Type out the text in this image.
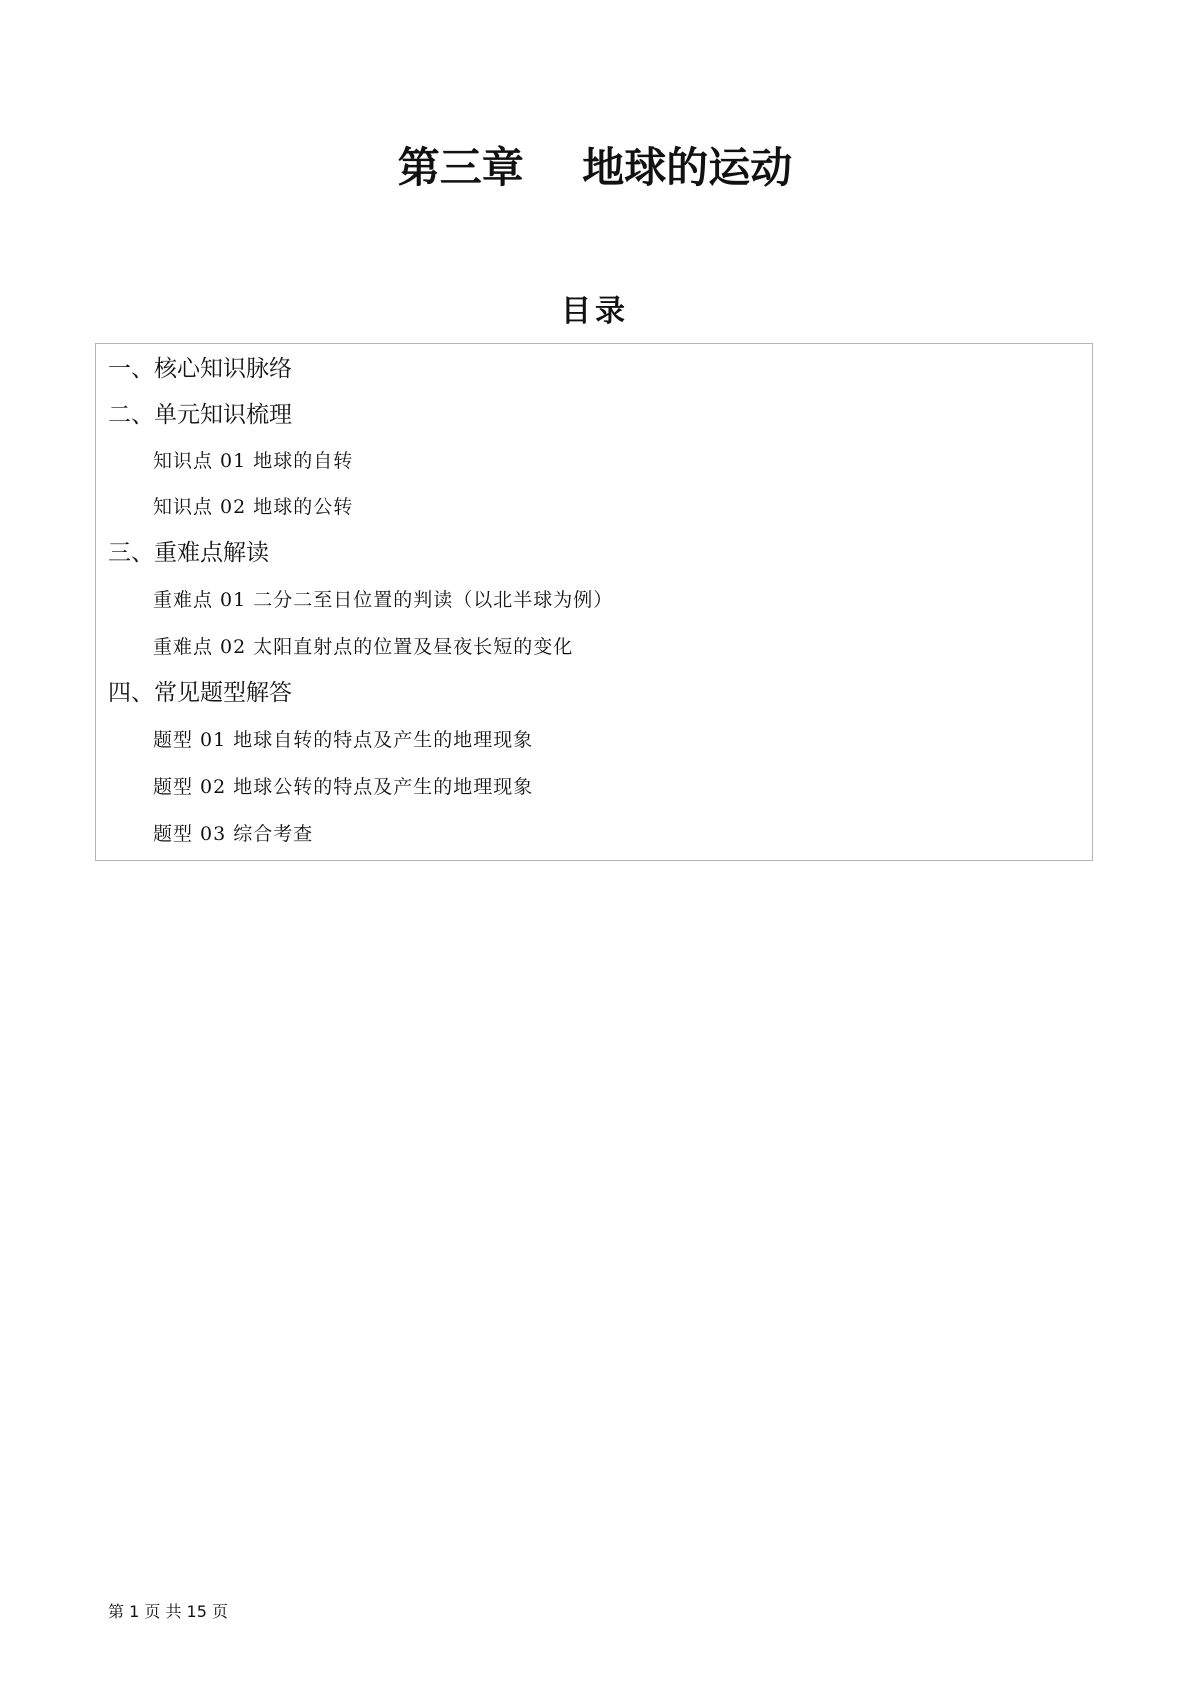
第三章    地球的运动
目录
一、核心知识脉络
二、单元知识梳理
知识点 01 地球的自转
知识点 02 地球的公转
三、重难点解读
重难点 01 二分二至日位置的判读（以北半球为例）
重难点 02 太阳直射点的位置及昼夜长短的变化
四、常见题型解答
题型 01 地球自转的特点及产生的地理现象
题型 02 地球公转的特点及产生的地理现象
题型 03 综合考查
第 1 页 共 15 页
